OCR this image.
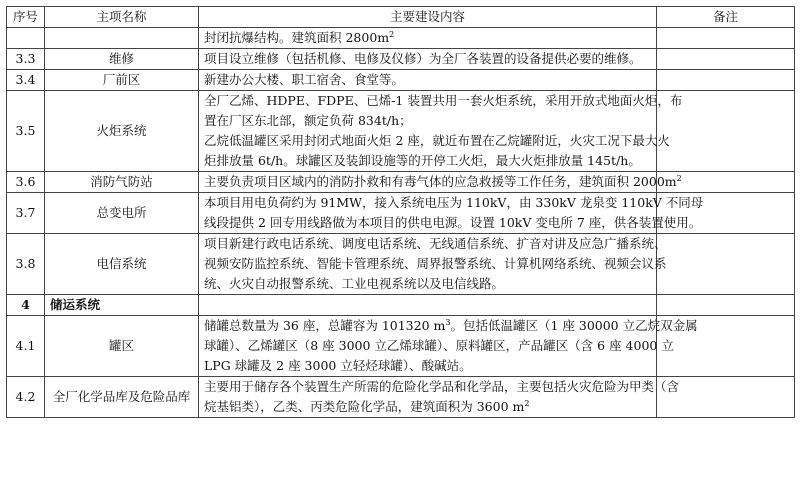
序号	主项名称	主要建设内容	备注

		封闭抗爆结构。建筑面积 $2800m^2$

3.3	维修	项目设立维修（包括机修、电修及仪修）为全厂各装置的设备提供必要的维修。	

3.4	厂前区	新建办公大楼、职工宿舍、食堂等。	

3.5	火炬系统	全厂乙烯、HDPE、FDPE、已烯-1 装置共用一套火炬系统，采用开放式地面火炬，布
置在厂区东北部，额定负荷 834t/h；
乙烷低温罐区采用封闭式地面火炬 2 座，就近布置在乙烷罐附近，火灾工况下最大火
炬排放量 6t/h。球罐区及装卸设施等的开停工火炬，最大火炬排放量 145t/h。	

3.6	消防气防站	主要负责项目区域内的消防扑救和有毒气体的应急救援等工作任务，建筑面积 $2000m^2$

3.7	总变电所	本项目用电负荷约为 91MW，接入系统电压为 110kV，由 330kV 龙泉变 110kV 不同母
线段提供 2 回专用线路做为本项目的供电电源。设置 10kV 变电所 7 座，供各装置使用。	

3.8	电信系统	项目新建行政电话系统、调度电话系统、无线通信系统、扩音对讲及应急广播系统、
视频安防监控系统、智能卡管理系统、周界报警系统、计算机网络系统、视频会议系
统、火灾自动报警系统、工业电视系统以及电信线路。	

4	储运系统		
4.1	罐区	储罐总数量为 36 座，总罐容为 101320 $m^3$。包括低温罐区（1 座 30000 立乙烷双金属
球罐）、乙烯罐区（8 座 3000 立乙烯球罐）、原料罐区，产品罐区（含 6 座 4000 立
LPG 球罐及 2 座 3000 立轻烃球罐）、酸碱站。	

4.2	全厂化学品库及危险品库	主要用于储存各个装置生产所需的危险化学品和化学品，主要包括火灾危险为甲类（含
烷基铝类），乙类、丙类危险化学品，建筑面积为 3600 $m^2$
